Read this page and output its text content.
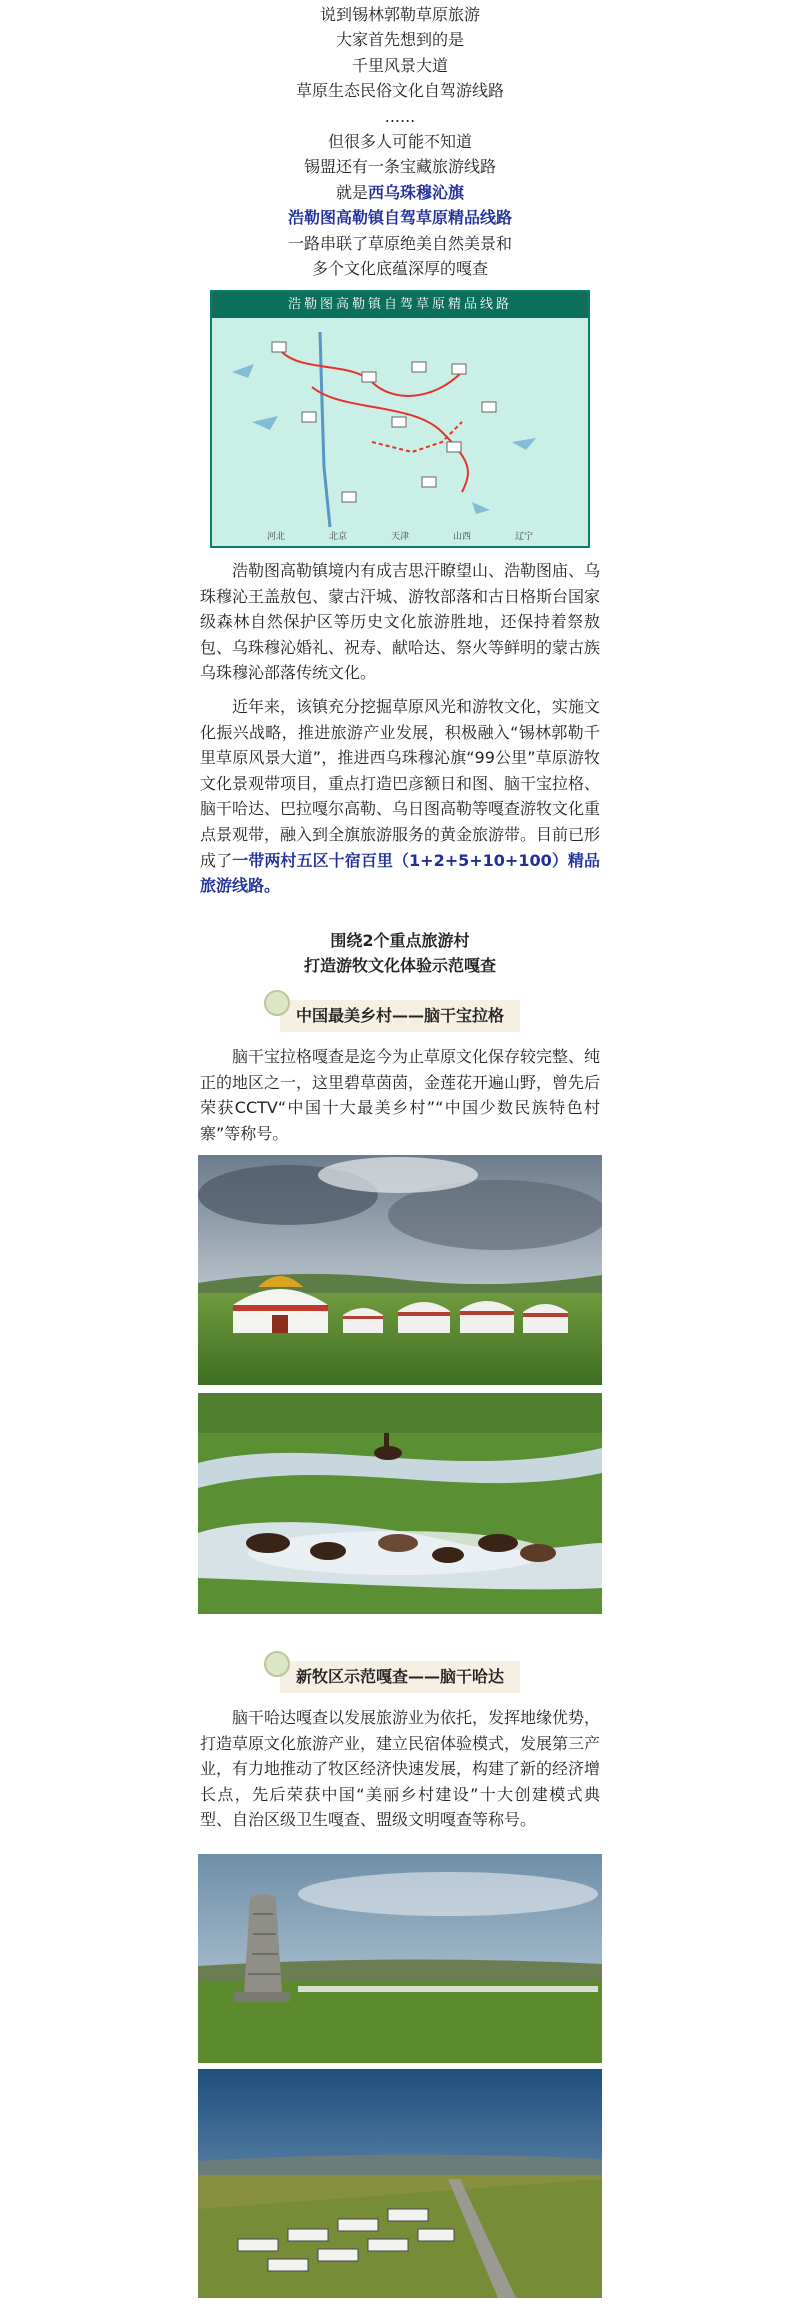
说到锡林郭勒草原旅游

大家首先想到的是

千里风景大道

草原生态民俗文化自驾游线路

......

但很多人可能不知道

锡盟还有一条宝藏旅游线路

就是西乌珠穆沁旗

浩勒图高勒镇自驾草原精品线路

一路串联了草原绝美自然美景和

多个文化底蕴深厚的嘎查

浩勒图高勒镇自驾草原精品线路
河北	北京	天津	山西	辽宁

浩勒图高勒镇境内有成吉思汗瞭望山、浩勒图庙、乌珠穆沁王盖敖包、蒙古汗城、游牧部落和古日格斯台国家级森林自然保护区等历史文化旅游胜地，还保持着祭敖包、乌珠穆沁婚礼、祝寿、献哈达、祭火等鲜明的蒙古族乌珠穆沁部落传统文化。

近年来，该镇充分挖掘草原风光和游牧文化，实施文化振兴战略，推进旅游产业发展，积极融入“锡林郭勒千里草原风景大道”，推进西乌珠穆沁旗“99公里”草原游牧文化景观带项目，重点打造巴彦额日和图、脑干宝拉格、脑干哈达、巴拉嘎尔高勒、乌日图高勒等嘎查游牧文化重点景观带，融入到全旗旅游服务的黄金旅游带。目前已形成了一带两村五区十宿百里（1+2+5+10+100）精品旅游线路。

围绕2个重点旅游村

打造游牧文化体验示范嘎查

中国最美乡村——脑干宝拉格

脑干宝拉格嘎查是迄今为止草原文化保存较完整、纯正的地区之一，这里碧草茵茵，金莲花开遍山野，曾先后荣获CCTV“中国十大最美乡村”“中国少数民族特色村寨”等称号。

新牧区示范嘎查——脑干哈达

脑干哈达嘎查以发展旅游业为依托，发挥地缘优势，打造草原文化旅游产业，建立民宿体验模式，发展第三产业，有力地推动了牧区经济快速发展，构建了新的经济增长点，先后荣获中国“美丽乡村建设”十大创建模式典型、自治区级卫生嘎查、盟级文明嘎查等称号。
